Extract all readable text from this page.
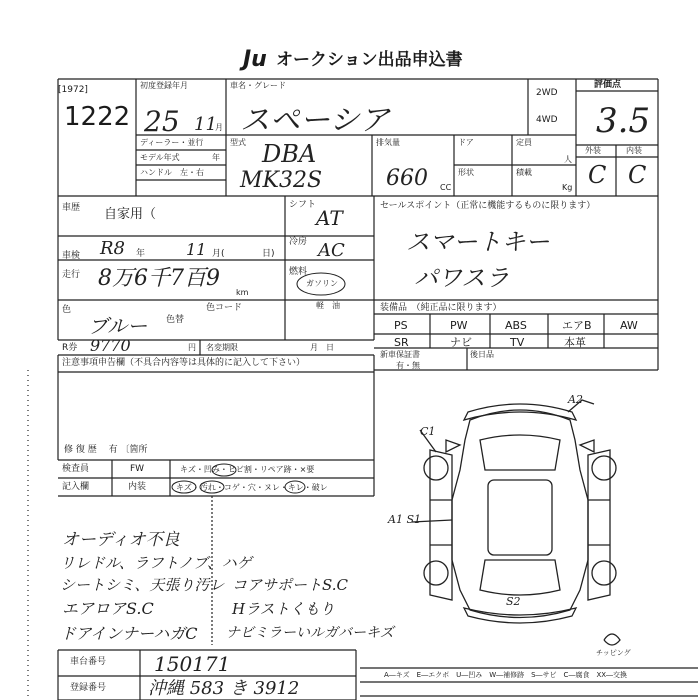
Ju オークション出品申込書
[1972]
1222
初度登録年月
25 11
月
車名・グレード
スペーシア
2WD
4WD
評価点
3.5
外装	内装
C C
ディーラー・並行
モデル年式	年
ハンドル　左・右
型式 DBA
MK32S
排気量
660 CC
ドア	定員
人
形状	積載
Kg
車歴 自家用（
シフト
AT
車検 R8 年	11 月(	日)
冷房 AC
走行 8万6千7百9
km
燃料
ガソリン
軽　油
色
ブルー 色替
色コード
R券 9770	円 名変期限	月　日
セールスポイント（正常に機能するものに限ります）
スマートキー
パワスラ
装備品　（純正品に限ります）
PS	PW	ABS	エアB	AW
SR	ナビ	TV	本革
新車保証書
有・無
後日品
注意事項申告欄（不具合内容等は具体的に記入して下さい）
修 復 歴　 有 〔箇所
検査員
記入欄
FW	キズ・凹み・ヒビ割・リペア跡・×要
内装	キズ・汚れ・コゲ・穴・ヌレ・キレ・破レ
オーディオ不良
リレドル、ラフトノブ、ハゲ
シートシミ、天張り汚レ
エアロアS.C
ドアインナーハガC
コアサポートS.C
Hラストくもり
ナビミラーいルガバーキズ
車台番号 150171
登録番号 沖縄 583 き 3912
A―キズ　E―エクボ　U―凹み　W―補修跡　S―サビ　C―腐食　XX―交換
A2
C1
A1 S1
S2
チッピング
